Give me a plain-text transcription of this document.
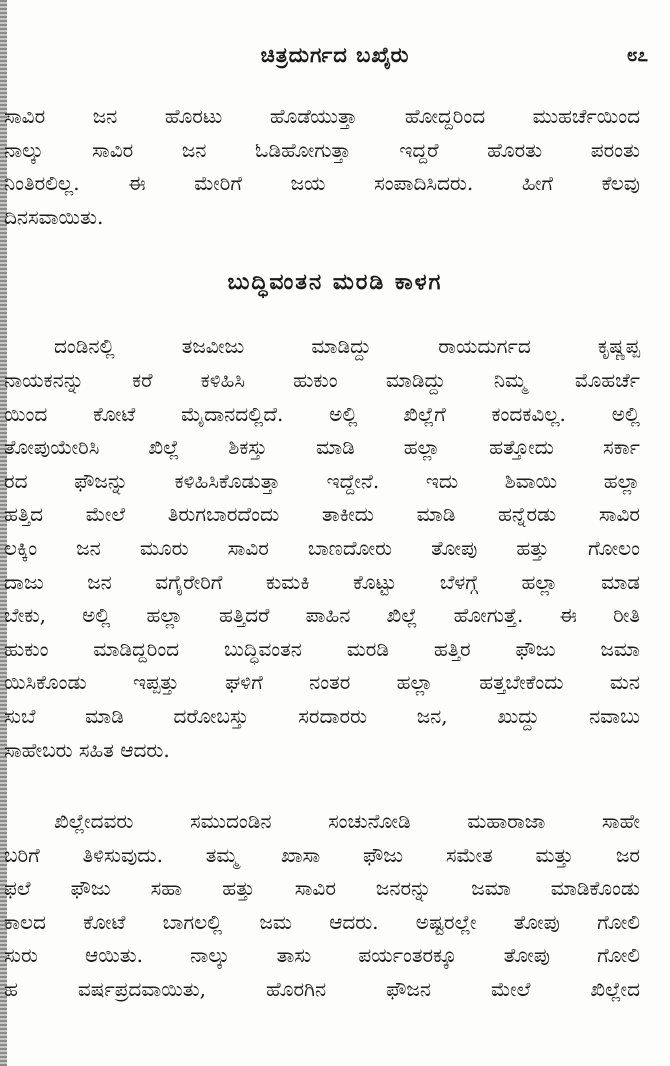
ಚಿತ್ರದುರ್ಗದ ಬಖೈರು	೮೭
ಸಾವಿರ ಜನ ಹೊರಟು ಹೊಡೆಯುತ್ತಾ ಹೋದ್ದರಿಂದ ಮುಹರ್ಚೆಯಿಂದ
ನಾಲ್ಕು ಸಾವಿರ ಜನ ಓಡಿಹೋಗುತ್ತಾ ಇದ್ದರೆ ಹೊರತು ಪರಂತು
ನಿಂತಿರಲಿಲ್ಲ. ಈ ಮೇರಿಗೆ ಜಯ ಸಂಪಾದಿಸಿದರು. ಹೀಗೆ ಕೆಲವು
ದಿನಸವಾಯಿತು.
ಬುದ್ಧಿವಂತನ ಮರಡಿ ಕಾಳಗ
ದಂಡಿನಲ್ಲಿ ತಜವೀಜು ಮಾಡಿದ್ದು ರಾಯದುರ್ಗದ ಕೃಷ್ಣಪ್ಪ
ನಾಯಕನನ್ನು ಕರೆ ಕಳಿಹಿಸಿ ಹುಕುಂ ಮಾಡಿದ್ದು ನಿಮ್ಮ ಮೊಹರ್ಚೆ
ಯಿಂದ ಕೋಟೆ ಮೈದಾನದಲ್ಲಿದೆ. ಅಲ್ಲಿ ಖಿಲ್ಲೆಗೆ ಕಂದಕವಿಲ್ಲ. ಅಲ್ಲಿ
ತೋಪುಯೇರಿಸಿ ಖಿಲ್ಲೆ ಶಿಕಸ್ತು ಮಾಡಿ ಹಲ್ಲಾ ಹತ್ತೋದು ಸರ್ಕಾ
ರದ ಫೌಜನ್ನು ಕಳಿಹಿಸಿಕೊಡುತ್ತಾ ಇದ್ದೇನೆ. ಇದು ಶಿವಾಯಿ ಹಲ್ಲಾ
ಹತ್ತಿದ ಮೇಲೆ ತಿರುಗಬಾರದೆಂದು ತಾಕೀದು ಮಾಡಿ ಹನ್ನೆರಡು ಸಾವಿರ
ಲಕ್ಕಿಂ ಜನ ಮೂರು ಸಾವಿರ ಬಾಣದೋರು ತೋಪು ಹತ್ತು ಗೋಲಂ
ದಾಜು ಜನ ವಗೈರೇರಿಗೆ ಕುಮಕಿ ಕೊಟ್ಟು ಬೆಳಗ್ಗೆ ಹಲ್ಲಾ ಮಾಡ
ಬೇಕು, ಅಲ್ಲಿ ಹಲ್ಲಾ ಹತ್ತಿದರೆ ಪಾಹಿನ ಖಿಲ್ಲೆ ಹೋಗುತ್ತೆ. ಈ ರೀತಿ
ಹುಕುಂ ಮಾಡಿದ್ದರಿಂದ ಬುದ್ಧಿವಂತನ ಮರಡಿ ಹತ್ತಿರ ಫೌಜು ಜಮಾ
ಯಿಸಿಕೊಂಡು ಇಪ್ಪತ್ತು ಘಳಿಗೆ ನಂತರ ಹಲ್ಲಾ ಹತ್ತಬೇಕೆಂದು ಮನ
ಸುಬೆ ಮಾಡಿ ದರೋಬಸ್ತು ಸರದಾರರು ಜನ, ಖುದ್ದು ನವಾಬು
ಸಾಹೇಬರು ಸಹಿತ ಆದರು.
ಖಿಲ್ಲೇದವರು ಸಮುದಂಡಿನ ಸಂಚುನೋಡಿ ಮಹಾರಾಜಾ ಸಾಹೇ
ಬರಿಗೆ ತಿಳಿಸುವುದು. ತಮ್ಮ ಖಾಸಾ ಫೌಜು ಸಮೇತ ಮತ್ತು ಜರ
ಫಲೆ ಫೌಜು ಸಹಾ ಹತ್ತು ಸಾವಿರ ಜನರನ್ನು ಜಮಾ ಮಾಡಿಕೊಂಡು
ಕಾಲದ ಕೋಟೆ ಬಾಗಲಲ್ಲಿ ಜಮ ಆದರು. ಅಷ್ಟರಲ್ಲೇ ತೋಪು ಗೋಲಿ
ಸುರು ಆಯಿತು. ನಾಲ್ಕು ತಾಸು ಪರ್ಯಂತರಕ್ಕೂ ತೋಪು ಗೋಲಿ
ಹ ವರ್ಷಪ್ರದವಾಯಿತು, ಹೊರಗಿನ ಫೌಜನ ಮೇಲೆ ಖಿಲ್ಲೇದ
